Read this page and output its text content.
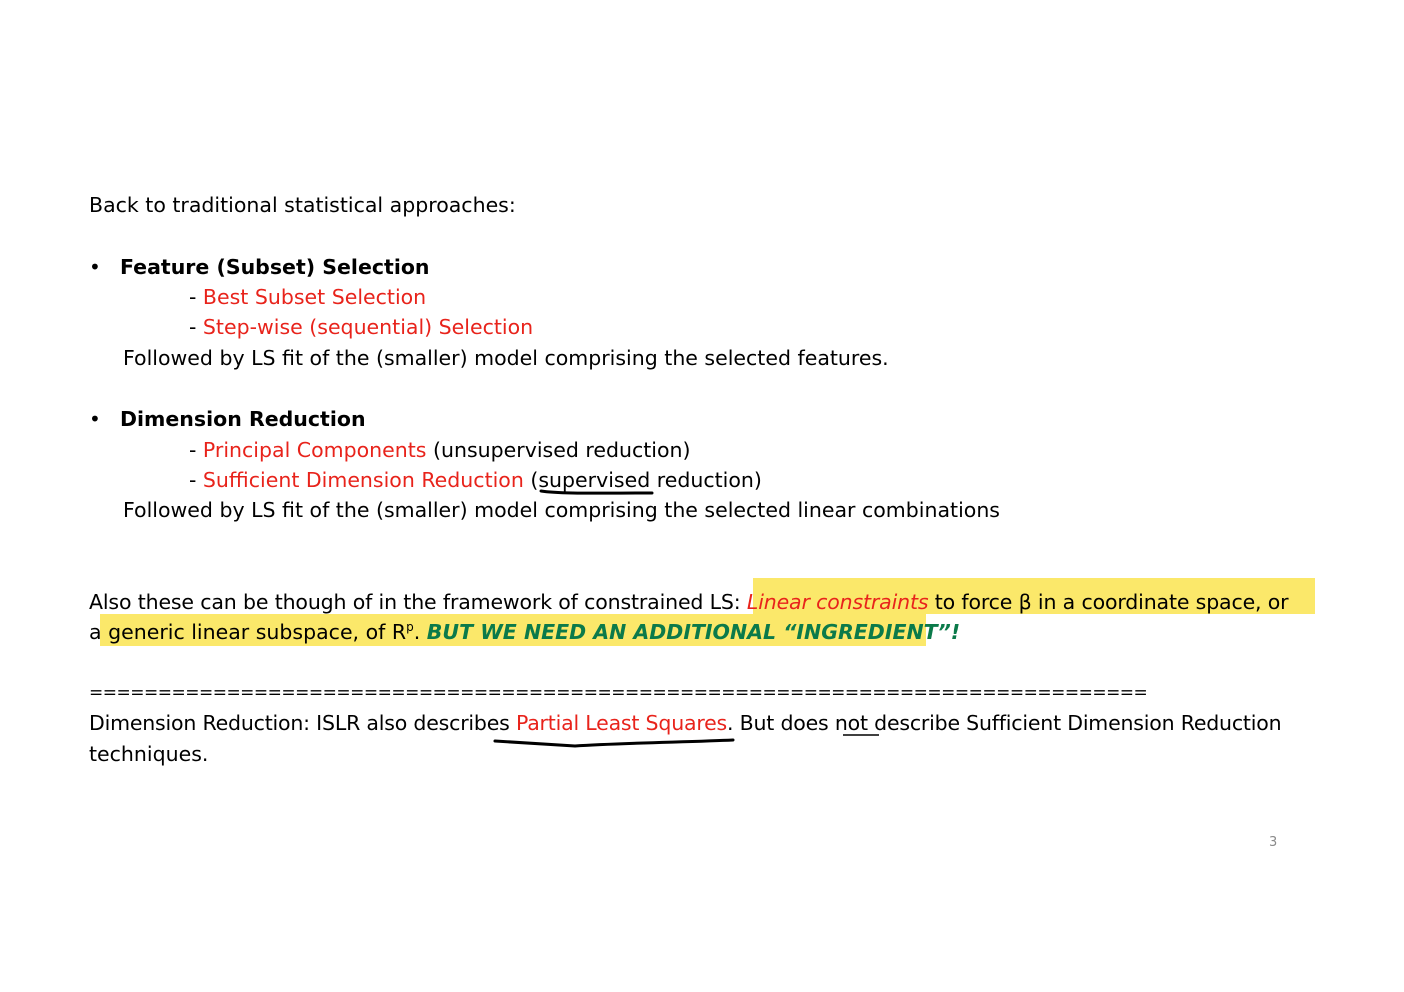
Back to traditional statistical approaches:
• Feature (Subset) Selection
- Best Subset Selection
- Step-wise (sequential) Selection
Followed by LS fit of the (smaller) model comprising the selected features.
• Dimension Reduction
- Principal Components (unsupervised reduction)
- Sufficient Dimension Reduction (supervised reduction)
Followed by LS fit of the (smaller) model comprising the selected linear combinations
Also these can be though of in the framework of constrained LS: Linear constraints to force β in a coordinate space, or
a generic linear subspace, of $R^p$. BUT WE NEED AN ADDITIONAL “INGREDIENT”!
=============================================================================
Dimension Reduction: ISLR also describes Partial Least Squares. But does not describe Sufficient Dimension Reduction
techniques.
3
